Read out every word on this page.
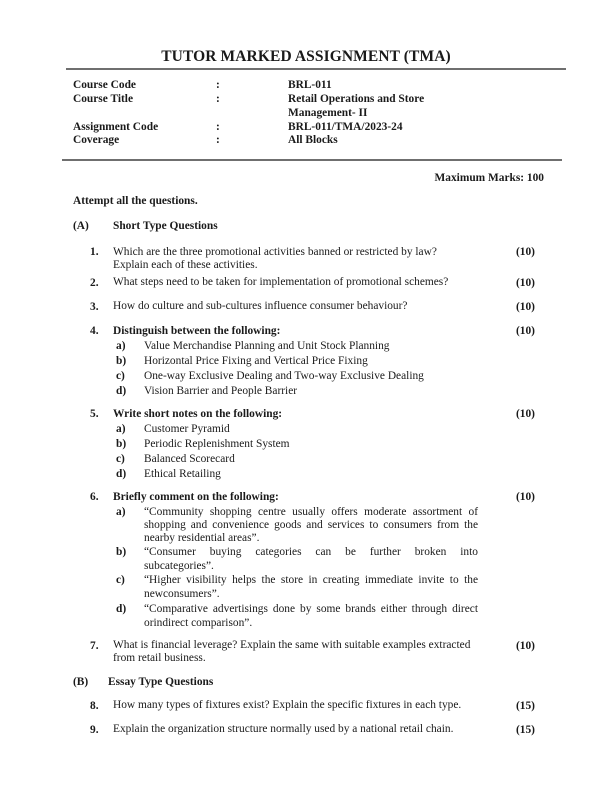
TUTOR MARKED ASSIGNMENT (TMA)
Course Code	:	BRL-011
Course Title	:	Retail Operations and Store
Management- II
Assignment Code	:	BRL-011/TMA/2023-24
Coverage	:	All Blocks
Maximum Marks: 100
Attempt all the questions.
(A) Short Type Questions
1.	Which are the three promotional activities banned or restricted by law?
Explain each of these activities.
(10)
2.	What steps need to be taken for implementation of promotional schemes?	(10)
3.	How do culture and sub-cultures influence consumer behaviour?	(10)
4.	Distinguish between the following:	(10)
a) Value Merchandise Planning and Unit Stock Planning
b) Horizontal Price Fixing and Vertical Price Fixing
c) One-way Exclusive Dealing and Two-way Exclusive Dealing
d) Vision Barrier and People Barrier
5.	Write short notes on the following:	(10)
a) Customer Pyramid
b) Periodic Replenishment System
c) Balanced Scorecard
d) Ethical Retailing
6.	Briefly comment on the following:	(10)
a) “Community shopping centre usually offers moderate assortment of
shopping and convenience goods and services to consumers from the
nearby residential areas”.
b) “Consumer buying categories can be further broken into
subcategories”.
c) “Higher visibility helps the store in creating immediate invite to the
newconsumers”.
d) “Comparative advertisings done by some brands either through direct
orindirect comparison”.
7.	What is financial leverage? Explain the same with suitable examples extracted
from retail business.
(10)
(B) Essay Type Questions
8.	How many types of fixtures exist? Explain the specific fixtures in each type.	(15)
9.	Explain the organization structure normally used by a national retail chain.	(15)
